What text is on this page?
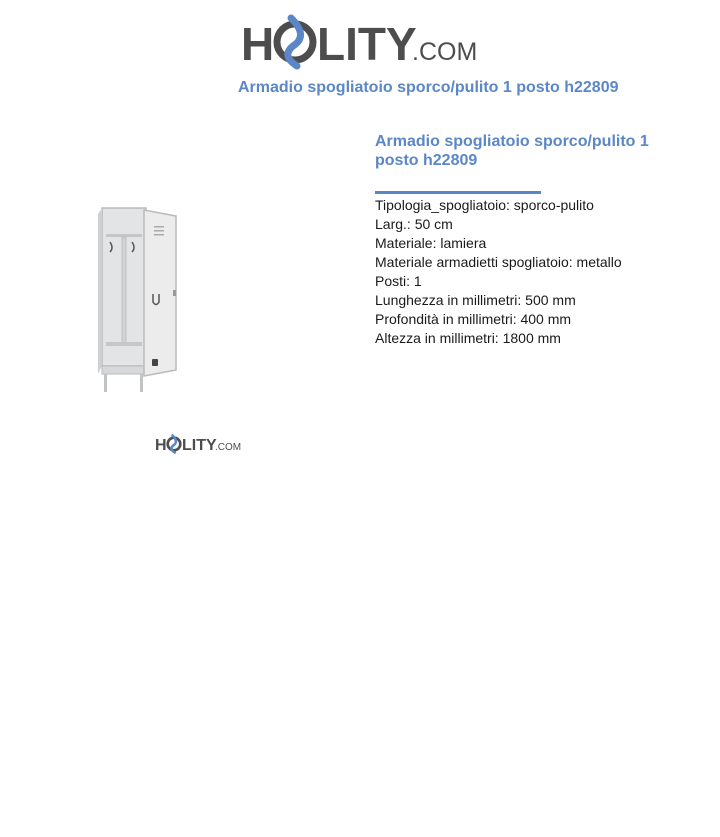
H LITY
.COM
Armadio spogliatoio sporco/pulito 1 posto h22809
H LITY
.COM
Armadio spogliatoio sporco/pulito 1 posto h22809
Tipologia_spogliatoio: sporco-pulito
Larg.: 50 cm
Materiale: lamiera
Materiale armadietti spogliatoio: metallo
Posti: 1
Lunghezza in millimetri: 500 mm
Profondità in millimetri: 400 mm
Altezza in millimetri: 1800 mm
